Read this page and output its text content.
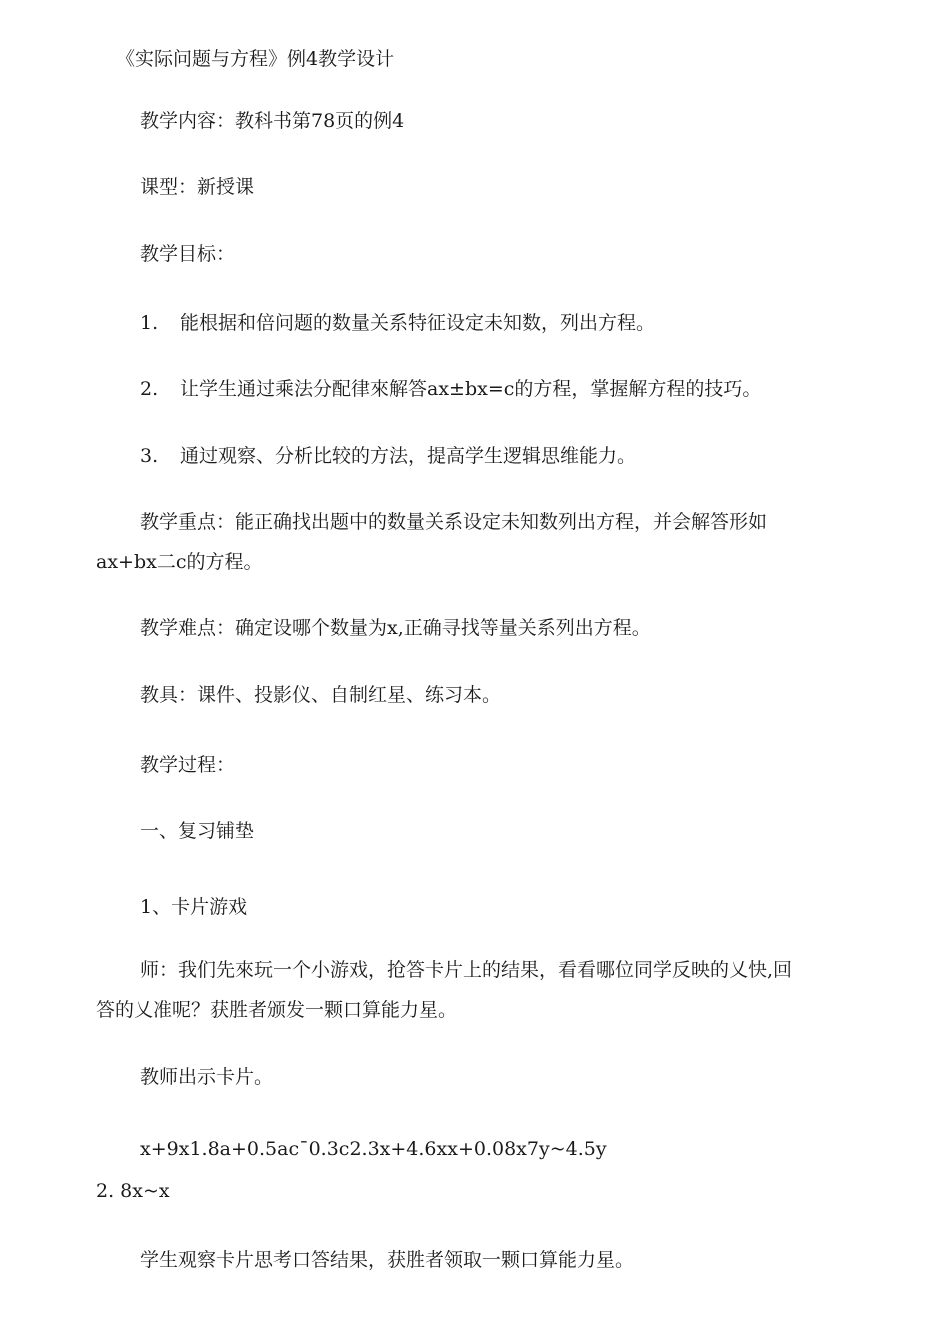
《实际问题与方程》例4教学设计
教学内容：教科书第78页的例4
课型：新授课
教学目标：
1. 能根据和倍问题的数量关系特征设定未知数，列出方程。
2. 让学生通过乘法分配律來解答ax±bx=c的方程，掌握解方程的技巧。
3. 通过观察、分析比较的方法，提高学生逻辑思维能力。
教学重点：能正确找出题中的数量关系设定未知数列出方程，并会解答形如
ax+bx二c的方程。
教学难点：确定设哪个数量为x,正确寻找等量关系列出方程。
教具：课件、投影仪、自制红星、练习本。
教学过程：
一、复习铺垫
1、卡片游戏
师：我们先來玩一个小游戏，抢答卡片上的结果，看看哪位同学反映的乂快,回
答的乂准呢？获胜者颁发一颗口算能力星。
教师出示卡片。
x+9x1.8a+0.5ac¯0.3c2.3x+4.6xx+0.08x7y~4.5y
2. 8x~x
学生观察卡片思考口答结果，获胜者领取一颗口算能力星。
